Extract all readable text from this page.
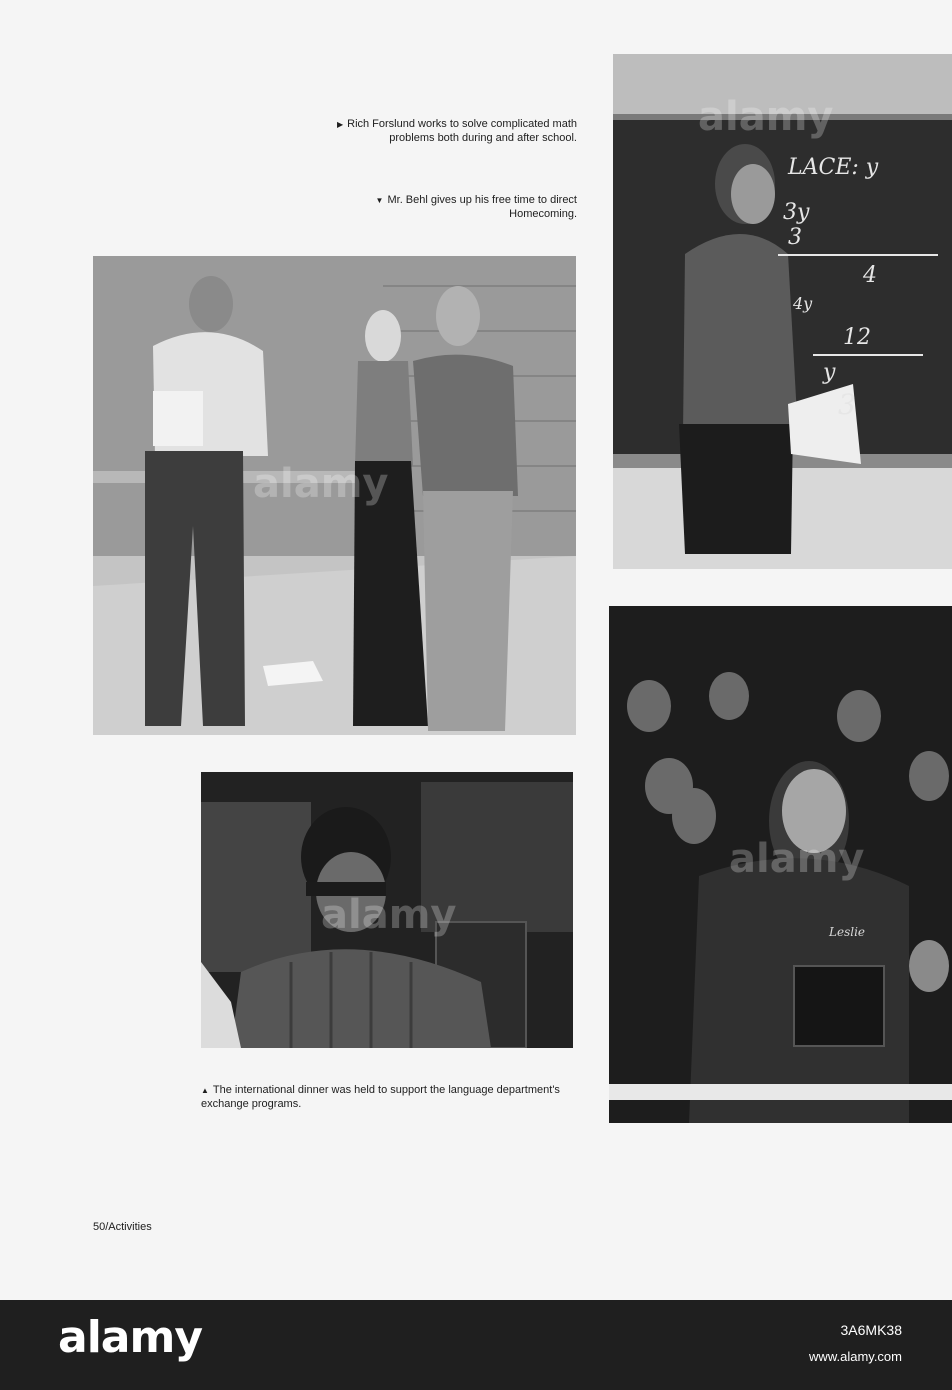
▶ Rich Forslund works to solve complicated math problems both during and after school.
▼ Mr. Behl gives up his free time to direct Homecoming.
LACE: y
3y
3
4
4y
12
y
3
alamy
alamy
alamy
▲ The international dinner was held to support the language department's exchange programs.
Leslie
alamy
50/Activities
alamy	3A6MK38
www.alamy.com
